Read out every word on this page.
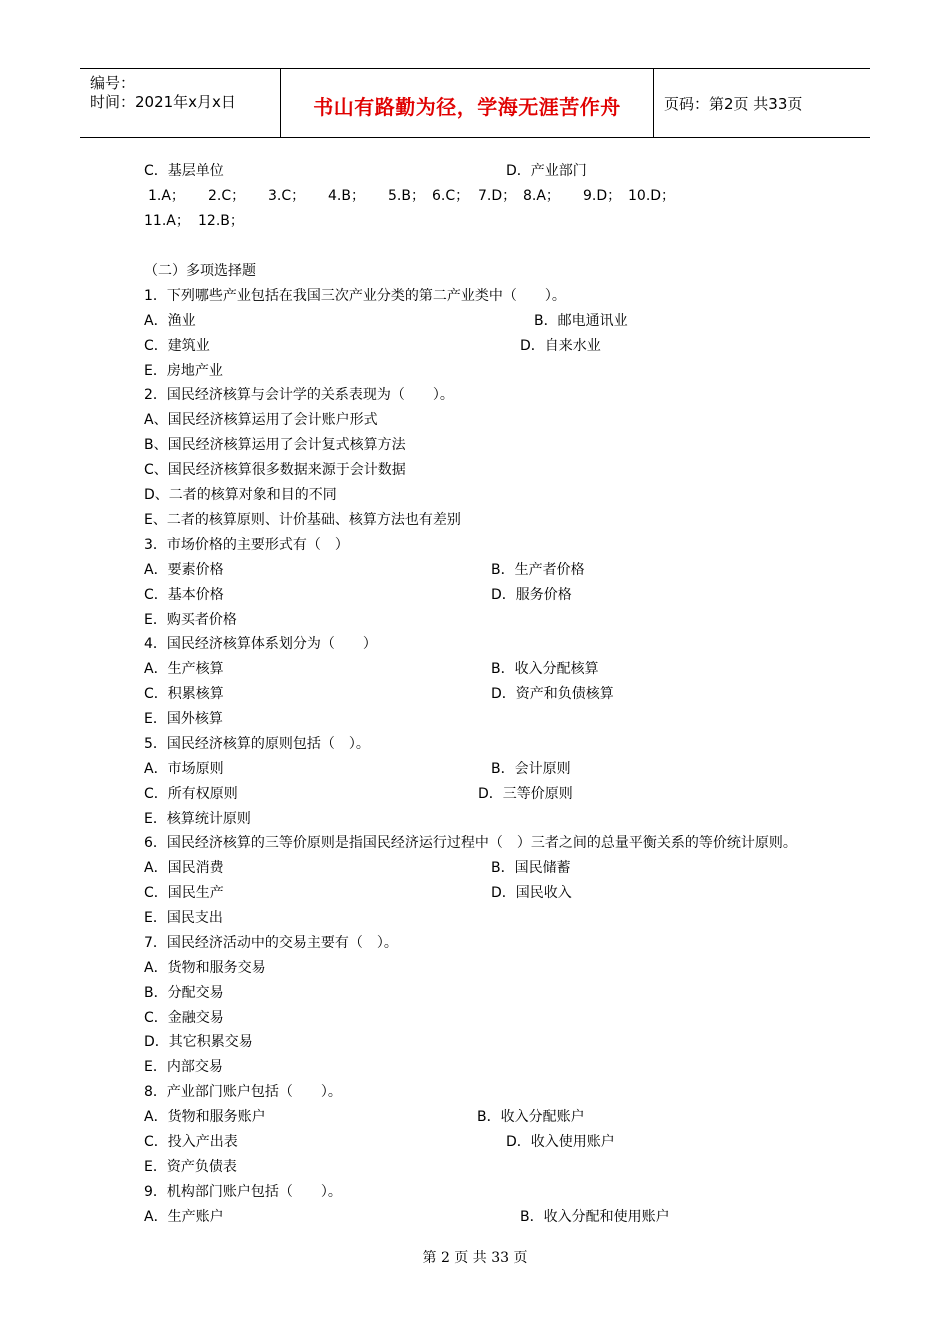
编号：
时间：2021年x月x日	书山有路勤为径，学海无涯苦作舟	页码：第2页 共33页
C．基层单位	D．产业部门
1.A； 2.C； 3.C； 4.B； 5.B； 6.C； 7.D； 8.A； 9.D； 10.D；
11.A； 12.B；
（二）多项选择题
1．下列哪些产业包括在我国三次产业分类的第二产业类中（　　）。
A．渔业	B．邮电通讯业
C．建筑业	D．自来水业
E．房地产业
2．国民经济核算与会计学的关系表现为（　　）。
A、国民经济核算运用了会计账户形式
B、国民经济核算运用了会计复式核算方法
C、国民经济核算很多数据来源于会计数据
D、二者的核算对象和目的不同
E、二者的核算原则、计价基础、核算方法也有差别
3．市场价格的主要形式有（　）
A．要素价格	B．生产者价格
C．基本价格	D．服务价格
E．购买者价格
4．国民经济核算体系划分为（　　）
A．生产核算	B．收入分配核算
C．积累核算	D．资产和负债核算
E．国外核算
5．国民经济核算的原则包括（　）。
A．市场原则	B．会计原则
C．所有权原则	D．三等价原则
E．核算统计原则
6．国民经济核算的三等价原则是指国民经济运行过程中（　）三者之间的总量平衡关系的等价统计原则。
A．国民消费	B．国民储蓄
C．国民生产	D．国民收入
E．国民支出
7．国民经济活动中的交易主要有（　）。
A．货物和服务交易
B．分配交易
C．金融交易
D．其它积累交易
E．内部交易
8．产业部门账户包括（　　）。
A．货物和服务账户	B．收入分配账户
C．投入产出表	D．收入使用账户
E．资产负债表
9．机构部门账户包括（　　）。
A．生产账户	B．收入分配和使用账户
第 2 页 共 33 页
